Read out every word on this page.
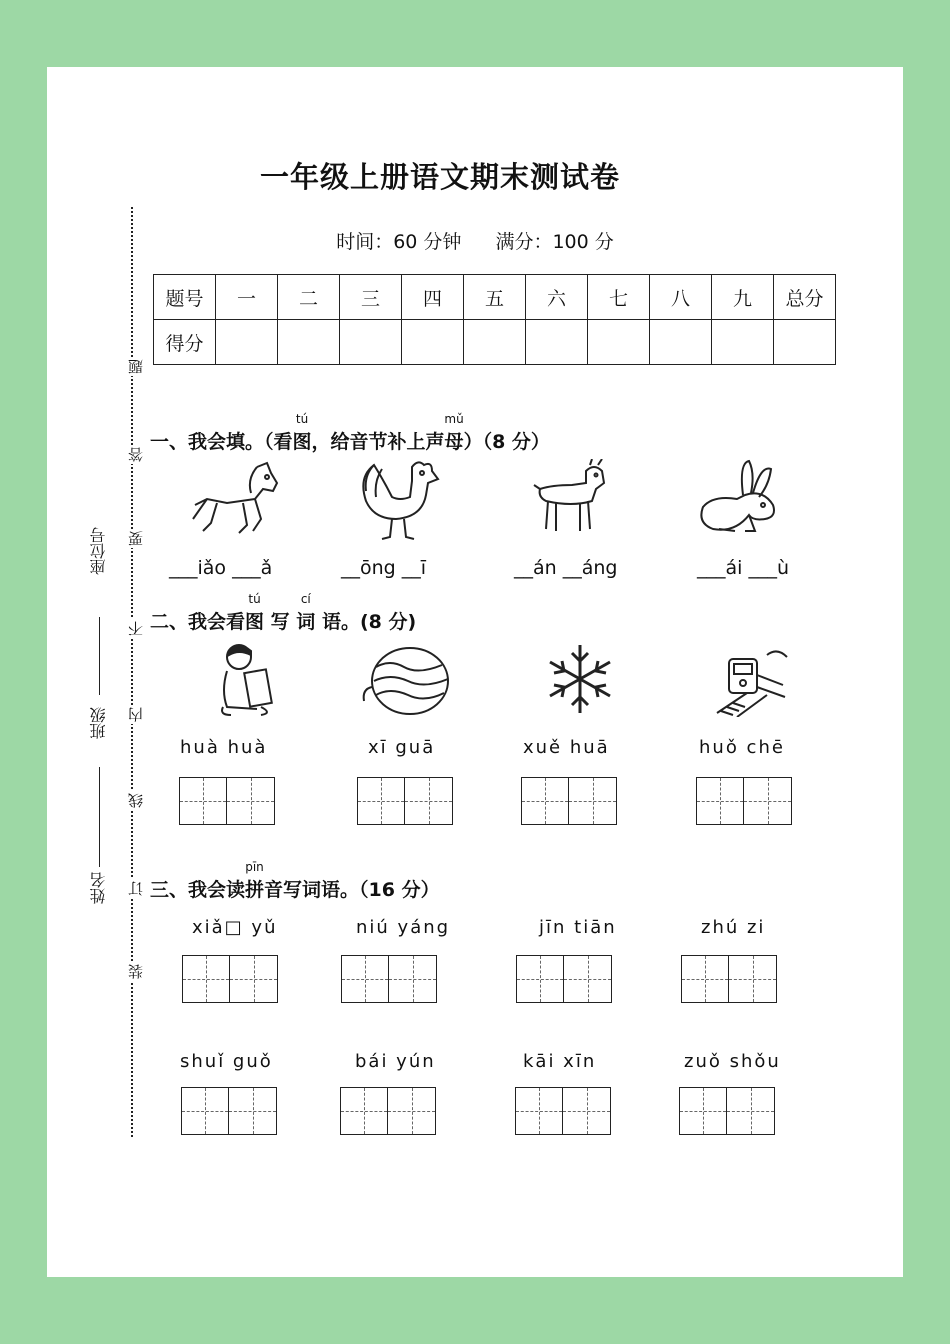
一年级上册语文期末测试卷
时间：60 分钟 满分：100 分
题号	一	二	三	四	五	六	七	八	九	总分
得分										
题
答
要
不
内
线
订
装
座位号
班级
姓名
一、我会填。（看
tú
图，给音节补上声
mǔ
母）（8 分）
___iǎo ___ǎ	__ōng __ī	__án __áng	___ái ___ù
二、我会看
tú
图 写
cí
词 语。(8 分)
huà huà	xī guā	xuě huā	huǒ chē
三、我会读
pīn
拼音写词语。（16 分）
xiǎ□ yǔ	niú yáng	jīn tiān	zhú zi
shuǐ guǒ	bái yún	kāi xīn	zuǒ shǒu
